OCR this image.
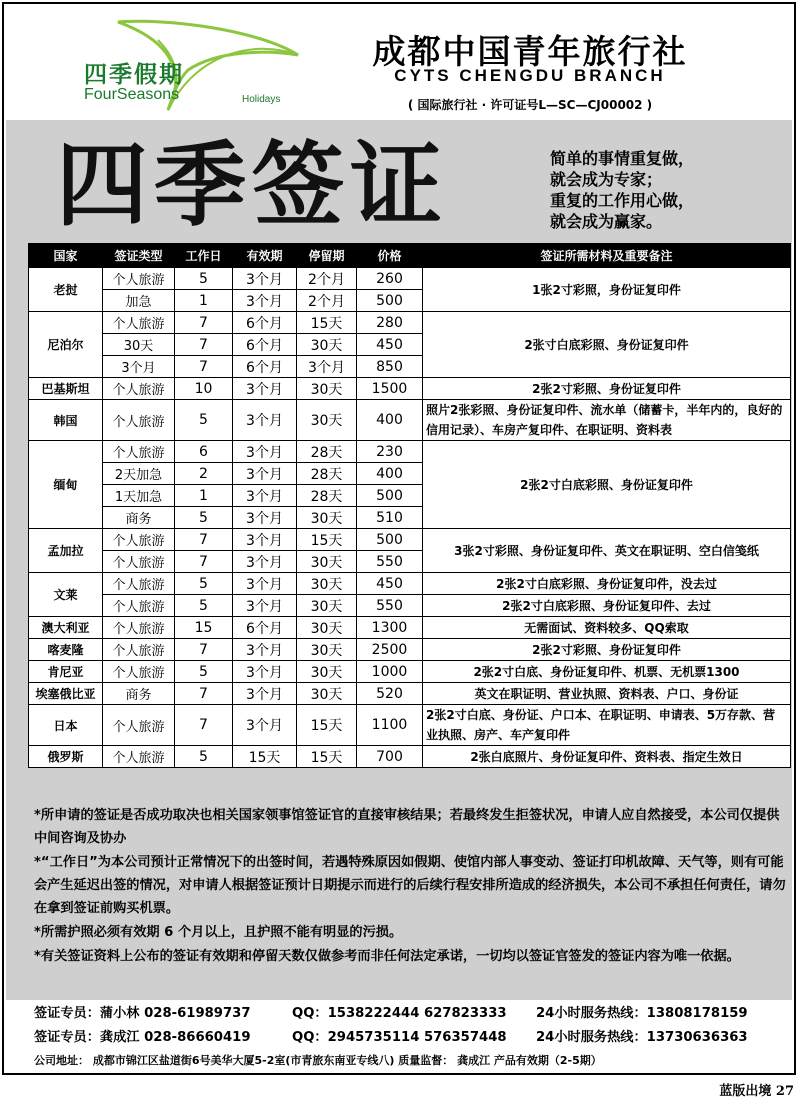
四季假期
FourSeasons	Holidays
成都中国青年旅行社
CYTS CHENGDU BRANCH
( 国际旅行社 · 许可证号L—SC—CJ00002 )
四季签证	简单的事情重复做，
就会成为专家；
重复的工作用心做，
就会成为赢家。
国家	签证类型	工作日	有效期	停留期	价格	签证所需材料及重要备注
老挝	个人旅游	5	3个月	2个月	260	1张2寸彩照，身份证复印件
	加急	1	3个月	2个月	500	
尼泊尔	个人旅游	7	6个月	15天	280	2张寸白底彩照、身份证复印件
	30天	7	6个月	30天	450	
	3个月	7	6个月	3个月	850	
巴基斯坦	个人旅游	10	3个月	30天	1500	2张2寸彩照、身份证复印件
韩国	个人旅游	5	3个月	30天	400	照片2张彩照、身份证复印件、流水单（储蓄卡，半年内的，良好的信用记录）、车房产复印件、在职证明、资料表
缅甸	个人旅游	6	3个月	28天	230	2张2寸白底彩照、身份证复印件
	2天加急	2	3个月	28天	400	
	1天加急	1	3个月	28天	500	
	商务	5	3个月	30天	510	
孟加拉	个人旅游	7	3个月	15天	500	3张2寸彩照、身份证复印件、英文在职证明、空白信笺纸
	个人旅游	7	3个月	30天	550	
文莱	个人旅游	5	3个月	30天	450	2张2寸白底彩照、身份证复印件，没去过
	个人旅游	5	3个月	30天	550	2张2寸白底彩照、身份证复印件、去过
澳大利亚	个人旅游	15	6个月	30天	1300	无需面试、资料较多、QQ索取
喀麦隆	个人旅游	7	3个月	30天	2500	2张2寸彩照、身份证复印件
肯尼亚	个人旅游	5	3个月	30天	1000	2张2寸白底、身份证复印件、机票、无机票1300
埃塞俄比亚	商务	7	3个月	30天	520	英文在职证明、营业执照、资料表、户口、身份证
日本	个人旅游	7	3个月	15天	1100	2张2寸白底、身份证、户口本、在职证明、申请表、5万存款、营业执照、房产、车产复印件
俄罗斯	个人旅游	5	15天	15天	700	2张白底照片、身份证复印件、资料表、指定生效日

*所申请的签证是否成功取决也相关国家领事馆签证官的直接审核结果；若最终发生拒签状况，申请人应自然接受，本公司仅提供中间咨询及协办

*“工作日”为本公司预计正常情况下的出签时间，若遇特殊原因如假期、使馆内部人事变动、签证打印机故障、天气等，则有可能会产生延迟出签的情况，对申请人根据签证预计日期提示而进行的后续行程安排所造成的经济损失，本公司不承担任何责任，请勿在拿到签证前购买机票。

*所需护照必须有效期 6 个月以上，且护照不能有明显的污损。

*有关签证资料上公布的签证有效期和停留天数仅做参考而非任何法定承诺，一切均以签证官签发的签证内容为唯一依据。

签证专员：蒲小林 028-61989737	QQ：1538222444 627823333 24小时服务热线：13808178159
签证专员：龚成江 028-86660419	QQ：2945735114 576357448 24小时服务热线：13730636363
公司地址： 成都市锦江区盐道街6号美华大厦5-2室(市青旅东南亚专线八) 质量监督： 龚成江 产品有效期（2-5期）
蓝版出境 27
